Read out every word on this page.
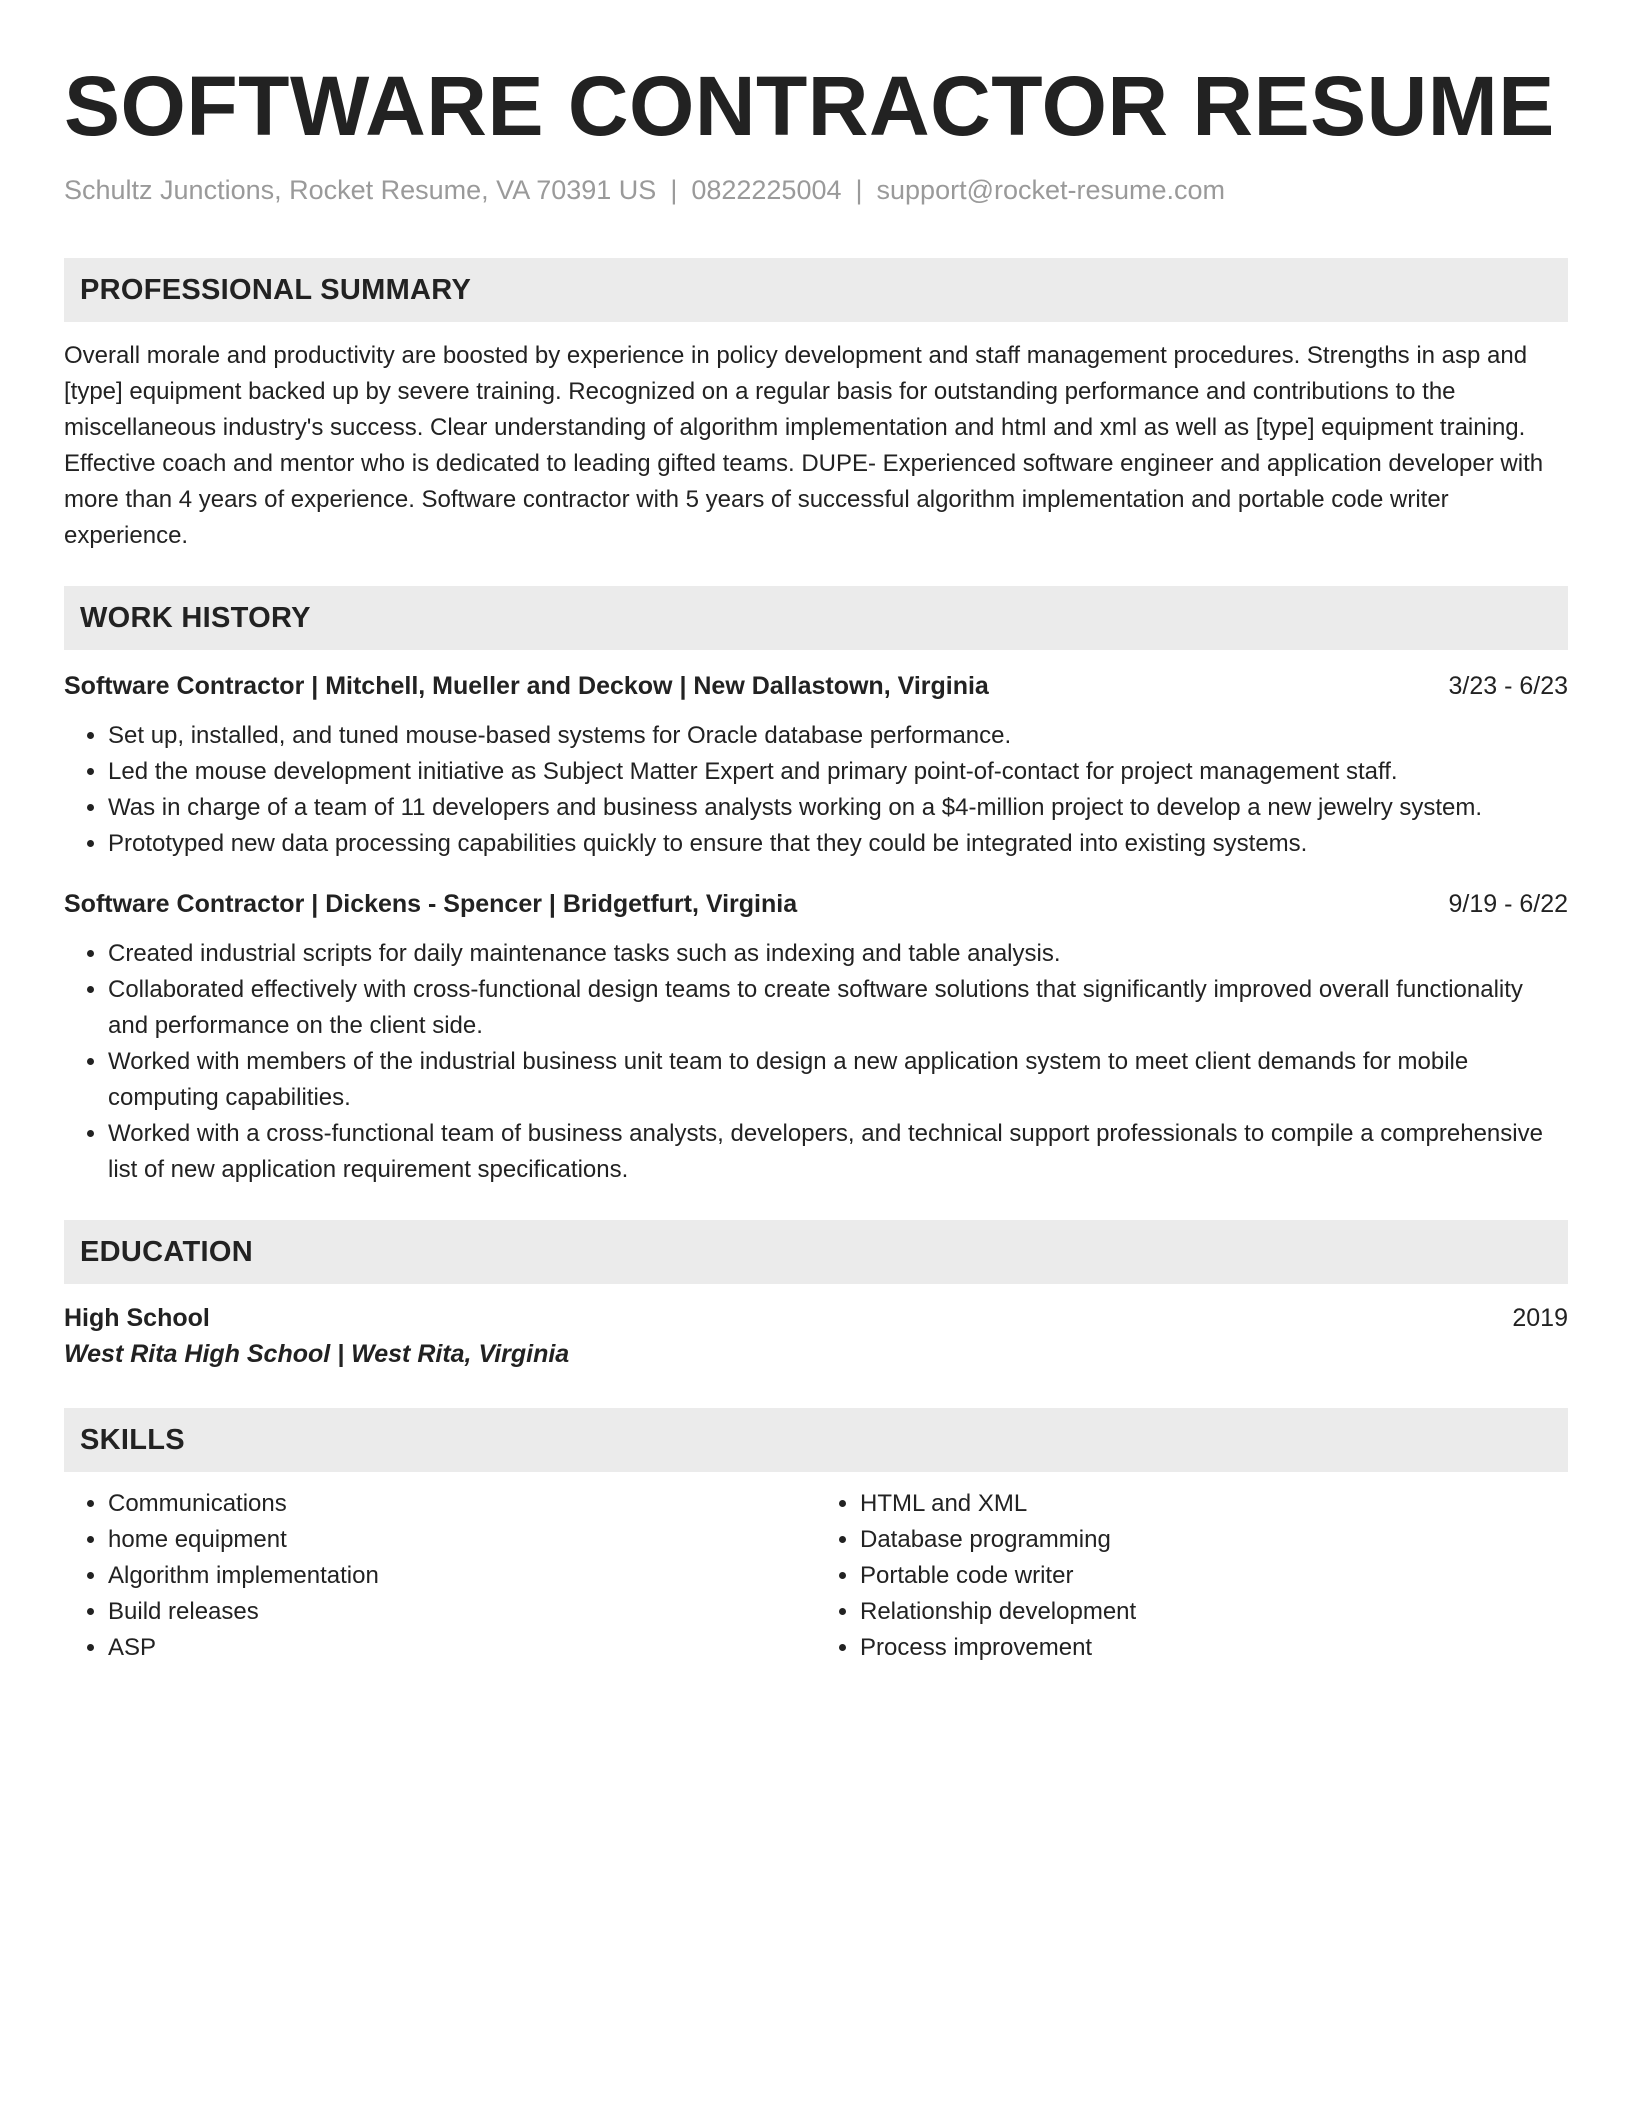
SOFTWARE CONTRACTOR RESUME
Schultz Junctions, Rocket Resume, VA 70391 US | 0822225004 | support@rocket-resume.com
PROFESSIONAL SUMMARY
Overall morale and productivity are boosted by experience in policy development and staff management procedures. Strengths in asp and [type] equipment backed up by severe training. Recognized on a regular basis for outstanding performance and contributions to the miscellaneous industry's success. Clear understanding of algorithm implementation and html and xml as well as [type] equipment training. Effective coach and mentor who is dedicated to leading gifted teams. DUPE- Experienced software engineer and application developer with more than 4 years of experience. Software contractor with 5 years of successful algorithm implementation and portable code writer experience.
WORK HISTORY
Software Contractor | Mitchell, Mueller and Deckow | New Dallastown, Virginia	3/23 - 6/23
• Set up, installed, and tuned mouse-based systems for Oracle database performance.
• Led the mouse development initiative as Subject Matter Expert and primary point-of-contact for project management staff.
• Was in charge of a team of 11 developers and business analysts working on a $4-million project to develop a new jewelry system.
• Prototyped new data processing capabilities quickly to ensure that they could be integrated into existing systems.
Software Contractor | Dickens - Spencer | Bridgetfurt, Virginia	9/19 - 6/22
• Created industrial scripts for daily maintenance tasks such as indexing and table analysis.
• Collaborated effectively with cross-functional design teams to create software solutions that significantly improved overall functionality and performance on the client side.
• Worked with members of the industrial business unit team to design a new application system to meet client demands for mobile computing capabilities.
• Worked with a cross-functional team of business analysts, developers, and technical support professionals to compile a comprehensive list of new application requirement specifications.
EDUCATION
High School	2019
West Rita High School | West Rita, Virginia
SKILLS
• Communications
• home equipment
• Algorithm implementation
• Build releases
• ASP
• HTML and XML
• Database programming
• Portable code writer
• Relationship development
• Process improvement
